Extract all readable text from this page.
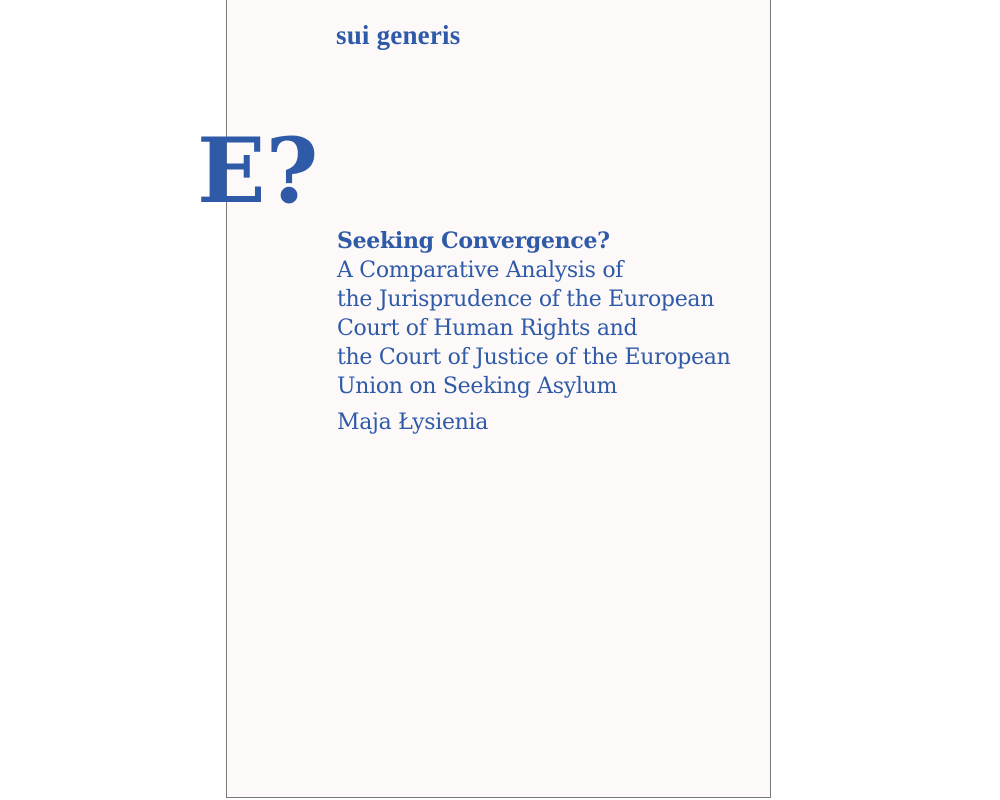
sui generis
E?
Seeking Convergence?
A Comparative Analysis of
the Jurisprudence of the European
Court of Human Rights and
the Court of Justice of the European
Union on Seeking Asylum
Maja Łysienia
